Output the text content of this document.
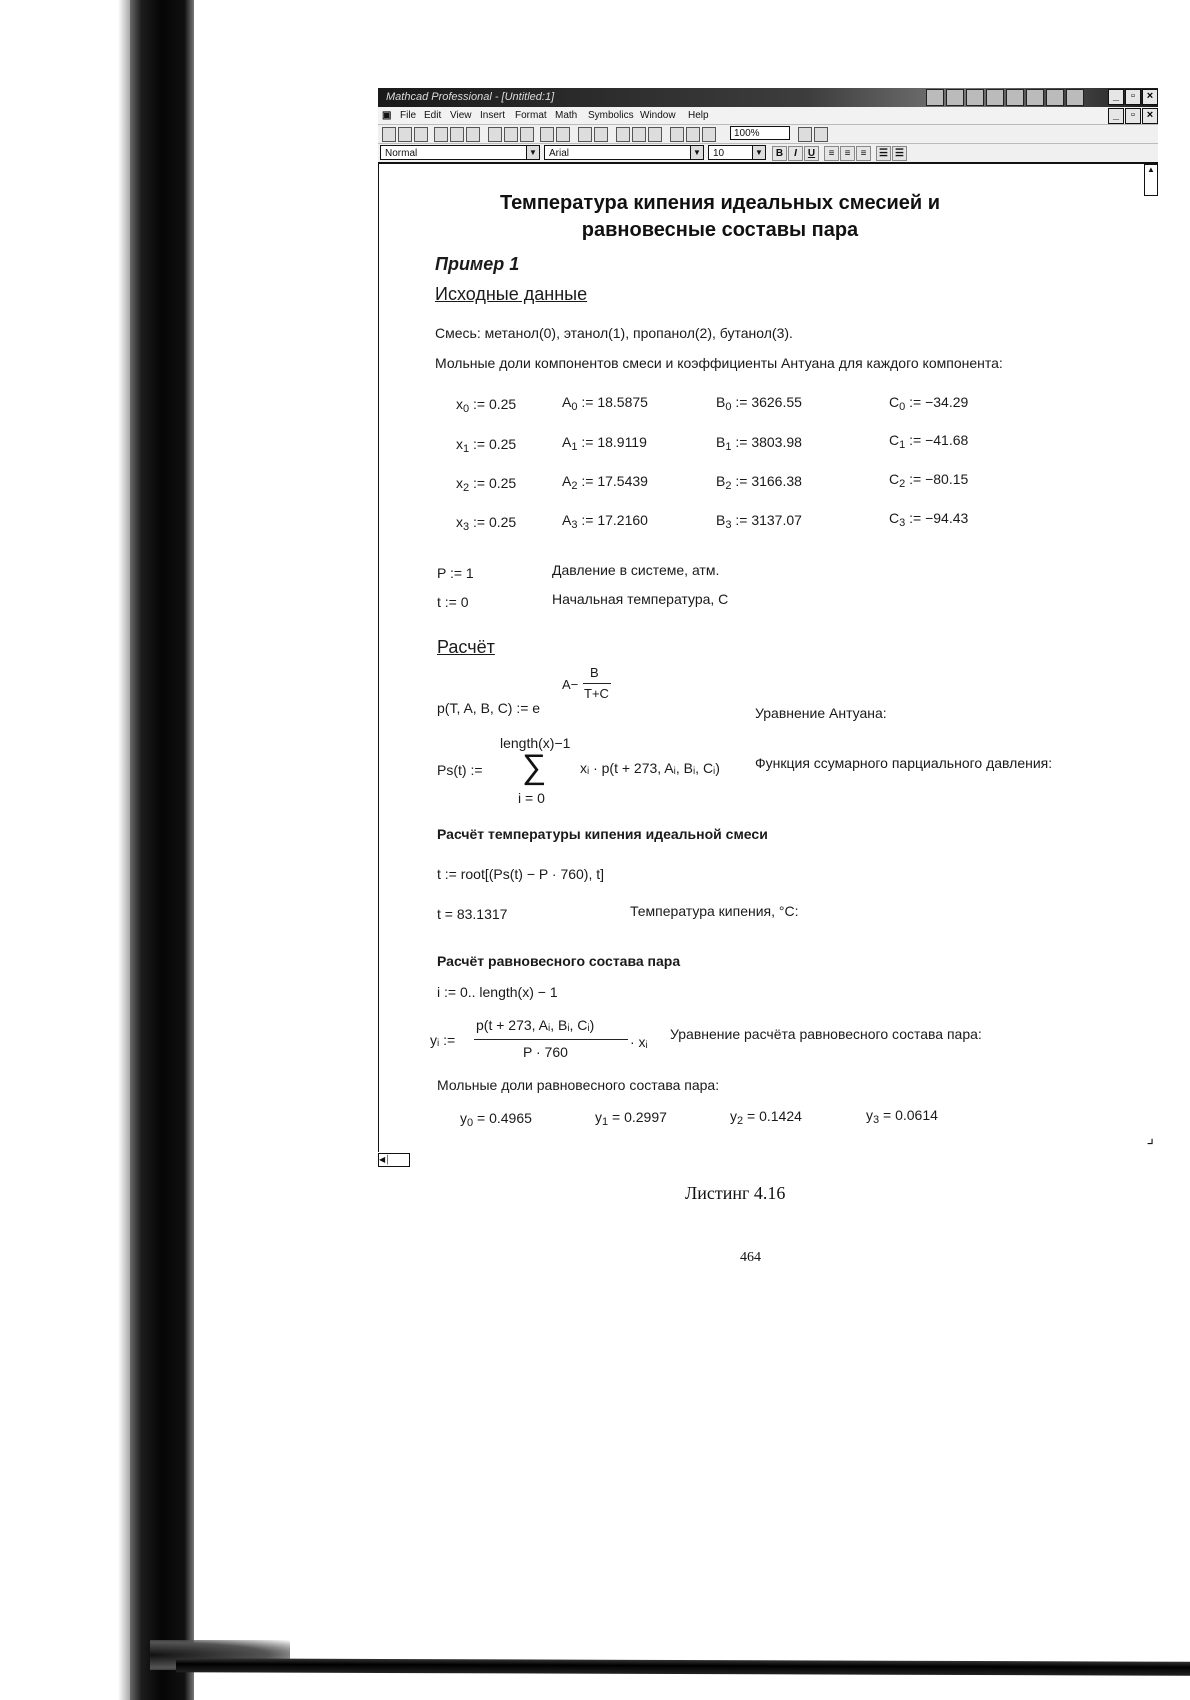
Mathcad Professional - [Untitled:1]	_	▫	×
▣ File Edit View Insert Format Math Symbolics Window Help	_	▫	×
100%
Normal	▼	Arial	▼	10	▼	B	I	U	≡	≡	≡	☰ ☰
▲
◀│
⌟
Температура кипения идеальных смесией и
равновесные составы пара
Пример 1
Исходные данные
Смесь: метанол(0), этанол(1), пропанол(2), бутанол(3).
Мольные доли компонентов смеси и коэффициенты Антуана для каждого компонента:
$x_0$ := 0.25	$A_0$ := 18.5875	$B_0$ := 3626.55	$C_0$ := −34.29
$x_1$ := 0.25	$A_1$ := 18.9119	$B_1$ := 3803.98	$C_1$ := −41.68
$x_2$ := 0.25	$A_2$ := 17.5439	$B_2$ := 3166.38	$C_2$ := −80.15
$x_3$ := 0.25	$A_3$ := 17.2160	$B_3$ := 3137.07	$C_3$ := −94.43
P := 1	Давление в системе, атм.
t := 0	Начальная температура, С
Расчёт
A−
B
T+C
p(T, A, B, C) := e	Уравнение Антуана:
length(x)−1
Ps(t) := ∑ xᵢ · p(t + 273, Aᵢ, Bᵢ, Cᵢ)
i = 0
Функция ссумарного парциального давления:
Расчёт температуры кипения идеальной смеси
t := root[(Ps(t) − P · 760), t]
t = 83.1317	Температура кипения, °С:
Расчёт равновесного состава пара
i := 0.. length(x) − 1
p(t + 273, Aᵢ, Bᵢ, Cᵢ)
yᵢ :=
P · 760
· xᵢ Уравнение расчёта равновесного состава пара:
Мольные доли равновесного состава пара:
$y_0 = 0.4965$	$y_1 = 0.2997$	$y_2 = 0.1424$	$y_3 = 0.0614$
Листинг 4.16
464
